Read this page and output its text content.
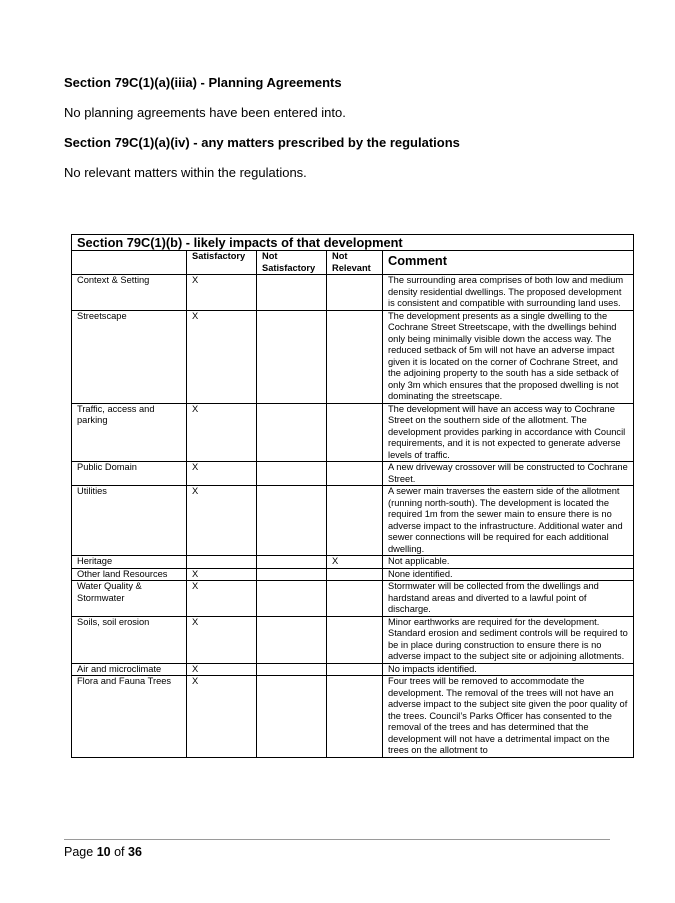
Section 79C(1)(a)(iiia) - Planning Agreements
No planning agreements have been entered into.
Section 79C(1)(a)(iv) - any matters prescribed by the regulations
No relevant matters within the regulations.
Section 79C(1)(b) - likely impacts of that development				
	Satisfactory	Not Satisfactory	Not Relevant	Comment
Context & Setting	X			The surrounding area comprises of both low and medium density residential dwellings. The proposed development is consistent and compatible with surrounding land uses.
Streetscape	X			The development presents as a single dwelling to the Cochrane Street Streetscape, with the dwellings behind only being minimally visible down the access way. The reduced setback of 5m will not have an adverse impact given it is located on the corner of Cochrane Street, and the adjoining property to the south has a side setback of only 3m which ensures that the proposed dwelling is not dominating the streetscape.
Traffic, access and parking	X			The development will have an access way to Cochrane Street on the southern side of the allotment. The development provides parking in accordance with Council requirements, and it is not expected to generate adverse levels of traffic.
Public Domain	X			A new driveway crossover will be constructed to Cochrane Street.
Utilities	X			A sewer main traverses the eastern side of the allotment (running north-south). The development is located the required 1m from the sewer main to ensure there is no adverse impact to the infrastructure. Additional water and sewer connections will be required for each additional dwelling.
Heritage			X	Not applicable.
Other land Resources	X			None identified.
Water Quality & Stormwater	X			Stormwater will be collected from the dwellings and hardstand areas and diverted to a lawful point of discharge.
Soils, soil erosion	X			Minor earthworks are required for the development. Standard erosion and sediment controls will be required to be in place during construction to ensure there is no adverse impact to the subject site or adjoining allotments.
Air and microclimate	X			No impacts identified.
Flora and Fauna Trees	X			Four trees will be removed to accommodate the development. The removal of the trees will not have an adverse impact to the subject site given the poor quality of the trees. Council’s Parks Officer has consented to the removal of the trees and has determined that the development will not have a detrimental impact on the trees on the allotment to
Page 10 of 36
